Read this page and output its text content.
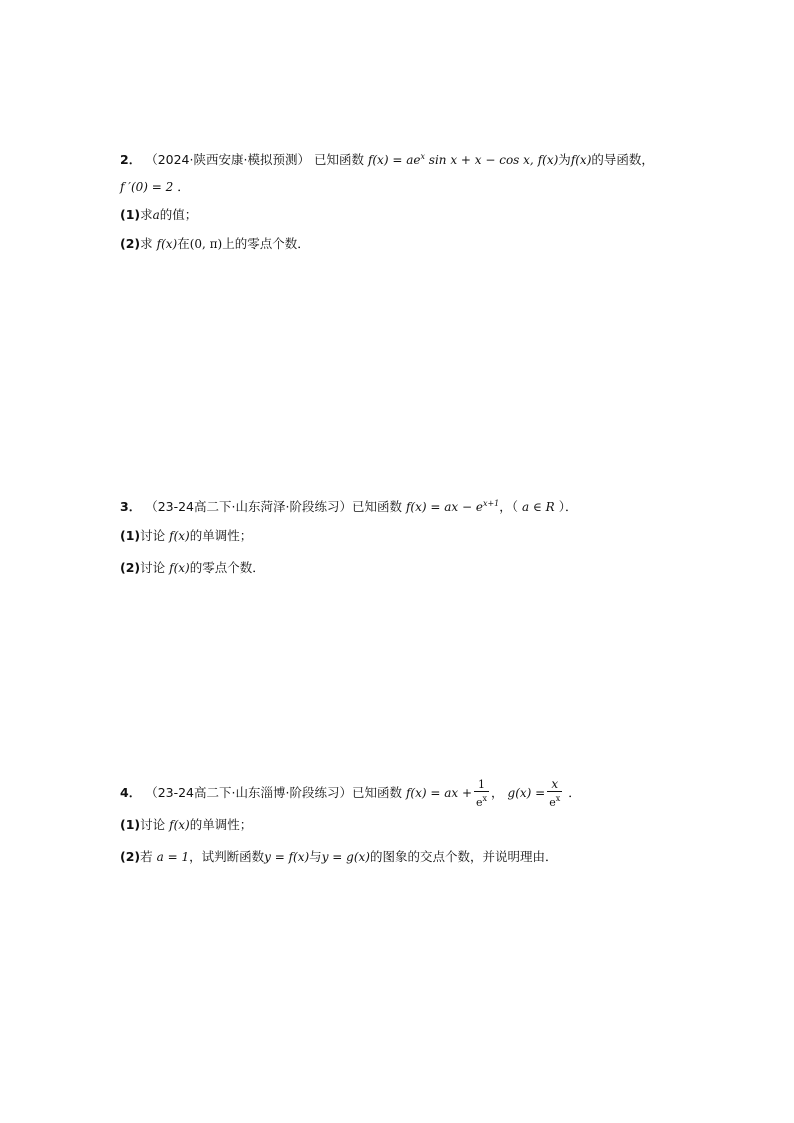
2． （2024·陕西安康·模拟预测） 已知函数 $f(x) = ae^x$ sin x + x − cos x, f(x)为f(x)的导函数，
f ′(0) = 2 ．
(1)求a的值；
(2)求 f(x)在(0, π)上的零点个数．
3． （23-24高二下·山东菏泽·阶段练习）已知函数 f(x) = ax − $e^{x+1}$，（ a ∈ R ）．
(1)讨论 f(x)的单调性；
(2)讨论 f(x)的零点个数．
4． （23-24高二下·山东淄博·阶段练习）已知函数 f(x) = ax + $\frac{1}{e^x}$ ， $g(x) = \frac{x}{e^x}$ ．
(1)讨论 f(x)的单调性；
(2)若 a = 1，试判断函数y = f(x)与y = g(x)的图象的交点个数，并说明理由．
